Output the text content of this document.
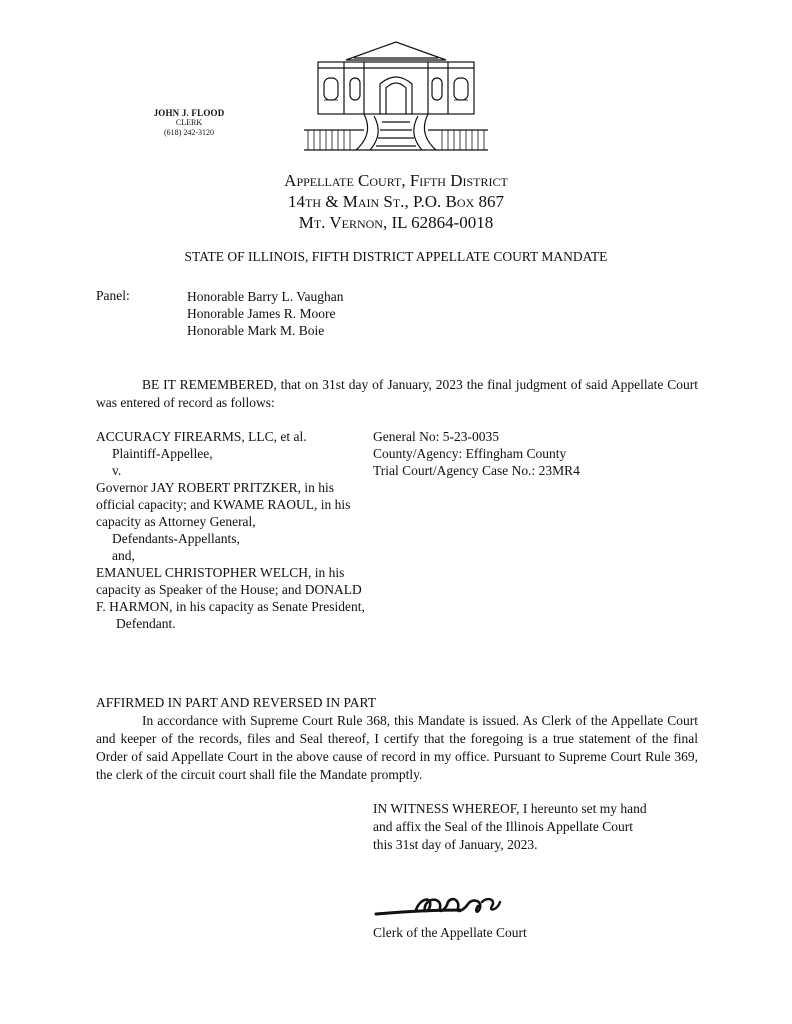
JOHN J. FLOOD
CLERK
(618) 242-3120
Appellate Court, Fifth District
14th & Main St., P.O. Box 867
Mt. Vernon, IL 62864-0018
STATE OF ILLINOIS, FIFTH DISTRICT APPELLATE COURT MANDATE
Panel:	Honorable Barry L. Vaughan
Honorable James R. Moore
Honorable Mark M. Boie
BE IT REMEMBERED, that on 31st day of January, 2023 the final judgment of said Appellate Court was entered of record as follows:
ACCURACY FIREARMS, LLC, et al.
Plaintiff-Appellee,
v.
Governor JAY ROBERT PRITZKER, in his official capacity; and KWAME RAOUL, in his capacity as Attorney General,
Defendants-Appellants,
and,
EMANUEL CHRISTOPHER WELCH, in his capacity as Speaker of the House; and DONALD F. HARMON, in his capacity as Senate President,
Defendant.
General No: 5-23-0035
County/Agency: Effingham County
Trial Court/Agency Case No.: 23MR4
AFFIRMED IN PART AND REVERSED IN PART
In accordance with Supreme Court Rule 368, this Mandate is issued. As Clerk of the Appellate Court and keeper of the records, files and Seal thereof, I certify that the foregoing is a true statement of the final Order of said Appellate Court in the above cause of record in my office. Pursuant to Supreme Court Rule 369, the clerk of the circuit court shall file the Mandate promptly.
IN WITNESS WHEREOF, I hereunto set my hand
and affix the Seal of the Illinois Appellate Court
this 31st day of January, 2023.
Clerk of the Appellate Court
